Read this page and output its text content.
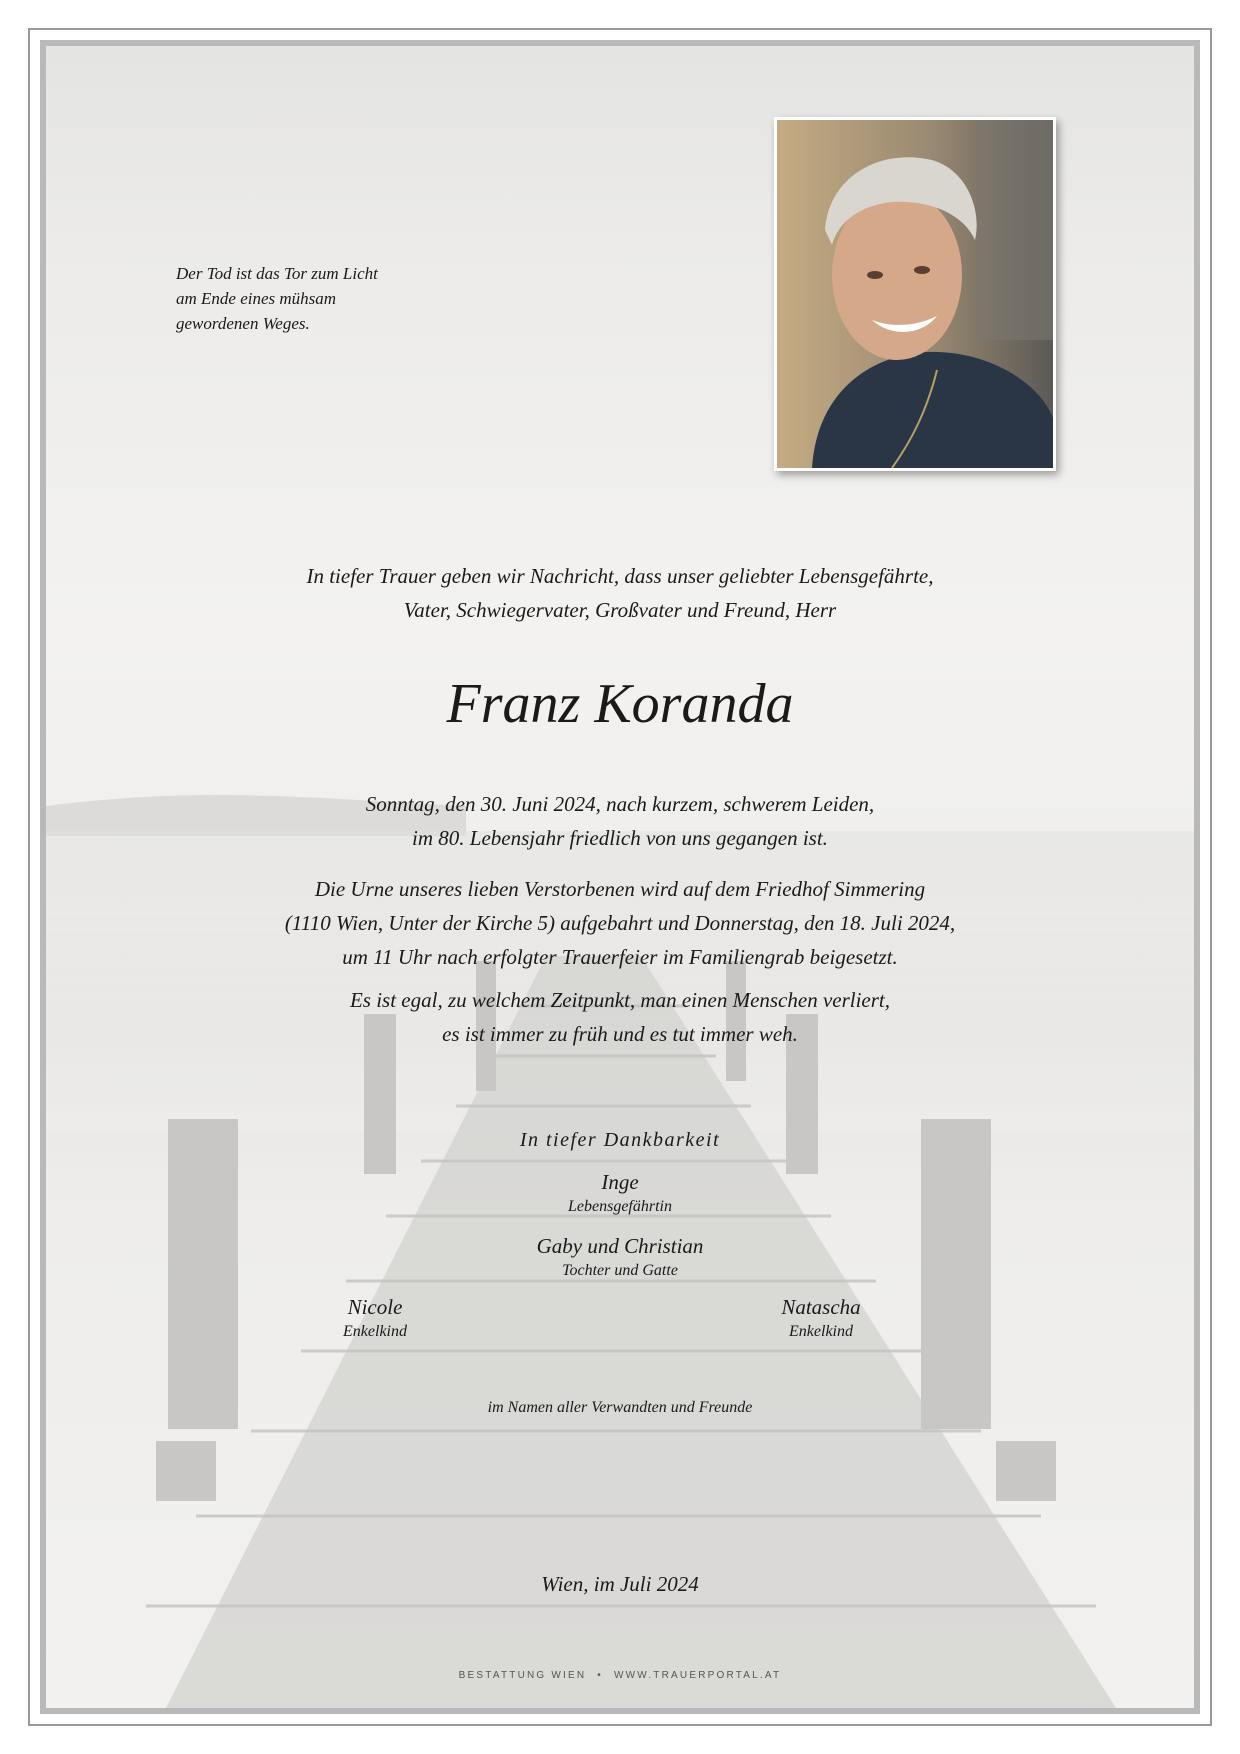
Der Tod ist das Tor zum Licht
am Ende eines mühsam
gewordenen Weges.
In tiefer Trauer geben wir Nachricht, dass unser geliebter Lebensgefährte,
Vater, Schwiegervater, Großvater und Freund, Herr
Franz Koranda
Sonntag, den 30. Juni 2024, nach kurzem, schwerem Leiden,
im 80. Lebensjahr friedlich von uns gegangen ist.
Die Urne unseres lieben Verstorbenen wird auf dem Friedhof Simmering
(1110 Wien, Unter der Kirche 5) aufgebahrt und Donnerstag, den 18. Juli 2024,
um 11 Uhr nach erfolgter Trauerfeier im Familiengrab beigesetzt.
Es ist egal, zu welchem Zeitpunkt, man einen Menschen verliert,
es ist immer zu früh und es tut immer weh.
In tiefer Dankbarkeit
Inge
Lebensgefährtin
Gaby und Christian
Tochter und Gatte
Nicole
Enkelkind
Natascha
Enkelkind
im Namen aller Verwandten und Freunde
Wien, im Juli 2024
BESTATTUNG WIEN • WWW.TRAUERPORTAL.AT
